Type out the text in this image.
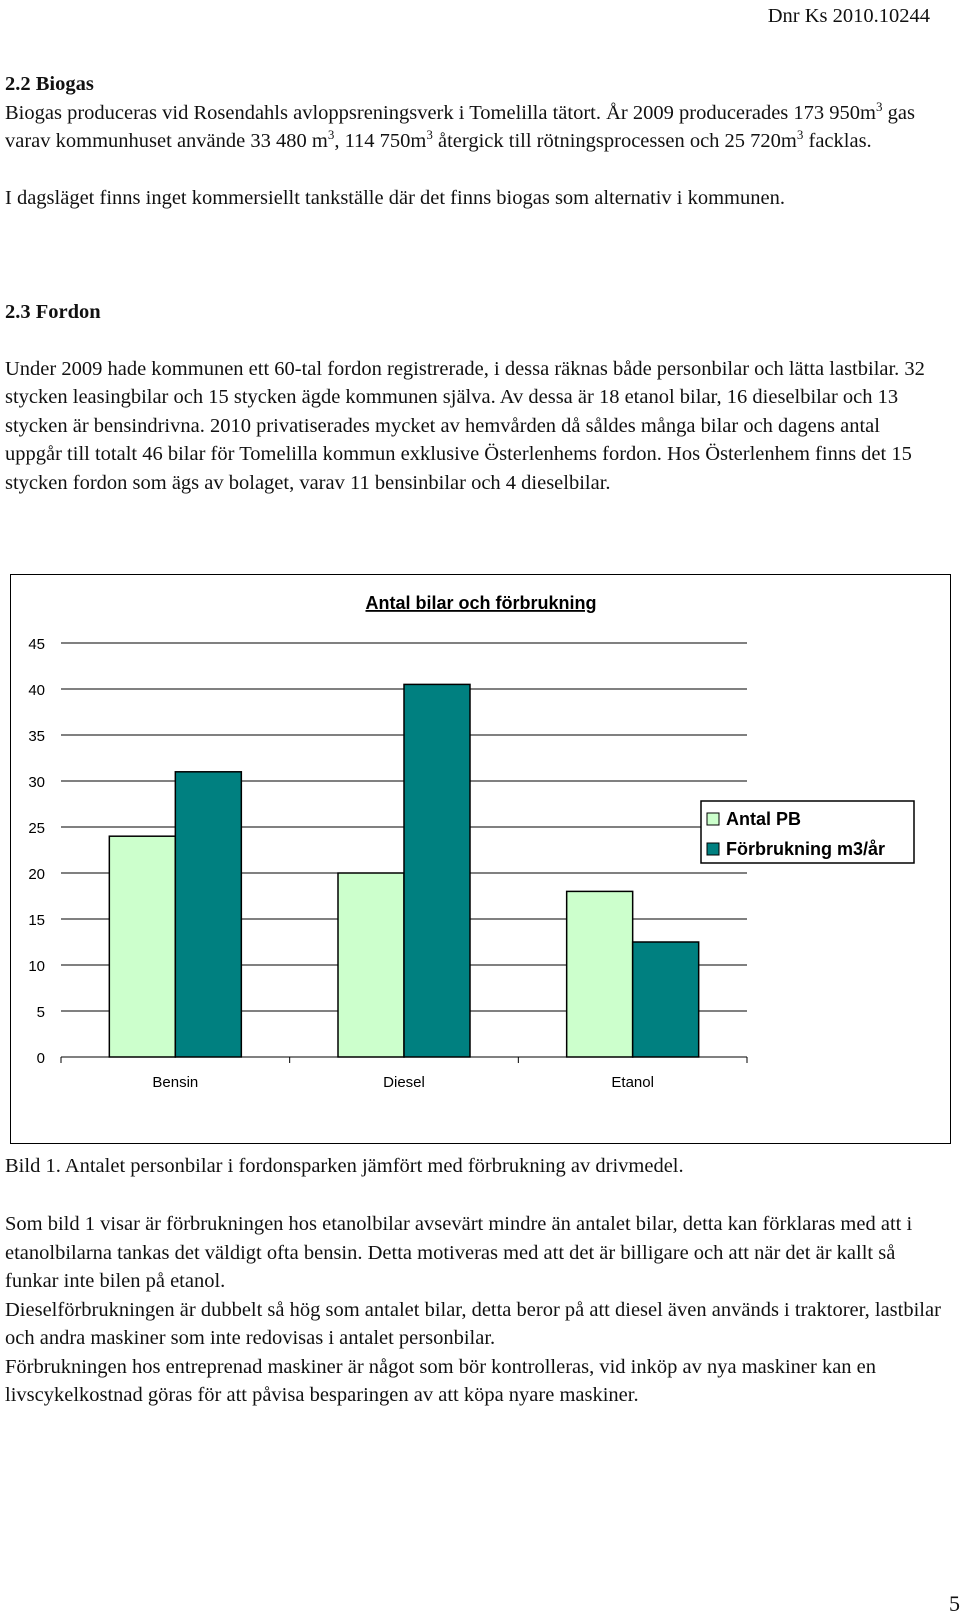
Dnr Ks 2010.10244
2.2 Biogas

Biogas produceras vid Rosendahls avloppsreningsverk i Tomelilla tätort. År 2009 producerades 173 $950m^3$ gas varav kommunhuset använde 33 480 $m^3$, 114 $750m^3$ återgick till rötningsprocessen och 25 $720m^3$ facklas.

I dagsläget finns inget kommersiellt tankställe där det finns biogas som alternativ i kommunen.

2.3 Fordon

Under 2009 hade kommunen ett 60-tal fordon registrerade, i dessa räknas både personbilar och lätta lastbilar. 32 stycken leasingbilar och 15 stycken ägde kommunen själva. Av dessa är 18 etanol bilar, 16 dieselbilar och 13 stycken är bensindrivna. 2010 privatiserades mycket av hemvården då såldes många bilar och dagens antal uppgår till totalt 46 bilar för Tomelilla kommun exklusive Österlenhems fordon. Hos Österlenhem finns det 15 stycken fordon som ägs av bolaget, varav 11 bensinbilar och 4 dieselbilar.

Antal bilar och förbrukning
0
5
10
15
20
25
30
35
40
45
Bensin	Diesel	Etanol
Antal PB
Förbrukning m3/år

Bild 1. Antalet personbilar i fordonsparken jämfört med förbrukning av drivmedel.

Som bild 1 visar är förbrukningen hos etanolbilar avsevärt mindre än antalet bilar, detta kan förklaras med att i etanolbilarna tankas det väldigt ofta bensin. Detta motiveras med att det är billigare och att när det är kallt så funkar inte bilen på etanol.

Dieselförbrukningen är dubbelt så hög som antalet bilar, detta beror på att diesel även används i traktorer, lastbilar och andra maskiner som inte redovisas i antalet personbilar.

Förbrukningen hos entreprenad maskiner är något som bör kontrolleras, vid inköp av nya maskiner kan en livscykelkostnad göras för att påvisa besparingen av att köpa nyare maskiner.

5
